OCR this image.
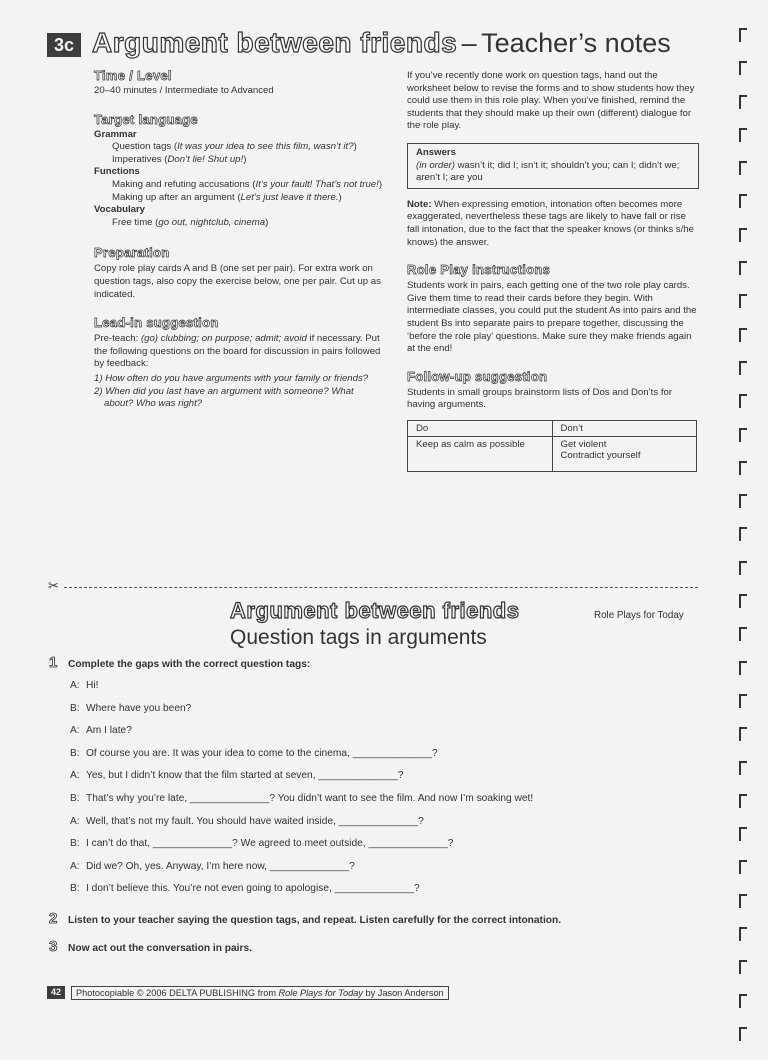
3c Argument between friends – Teacher’s notes
Time / Level
20–40 minutes / Intermediate to Advanced
Target language

Grammar

Question tags (It was your idea to see this film, wasn’t it?)

Imperatives (Don’t lie! Shut up!)

Functions

Making and refuting accusations (It’s your fault! That’s not true!)

Making up after an argument (Let’s just leave it there.)

Vocabulary

Free time (go out, nightclub, cinema)

Preparation
Copy role play cards A and B (one set per pair). For extra work on question tags, also copy the exercise below, one per pair. Cut up as indicated.
Lead-in suggestion
Pre-teach: (go) clubbing; on purpose; admit; avoid if necessary. Put the following questions on the board for discussion in pairs followed by feedback:
1) How often do you have arguments with your family or friends?
2) When did you last have an argument with someone? What about? Who was right?
If you’ve recently done work on question tags, hand out the worksheet below to revise the forms and to show students how they could use them in this role play. When you’ve finished, remind the students that they should make up their own (different) dialogue for the role play.
Answers
(in order) wasn’t it; did I; isn’t it; shouldn’t you; can I; didn’t we; aren’t I; are you
Note: When expressing emotion, intonation often becomes more exaggerated, nevertheless these tags are likely to have fall or rise fall intonation, due to the fact that the speaker knows (or thinks s/he knows) the answer.
Role Play instructions
Students work in pairs, each getting one of the two role play cards. Give them time to read their cards before they begin. With intermediate classes, you could put the student As into pairs and the student Bs into separate pairs to prepare together, discussing the ‘before the role play’ questions. Make sure they make friends again at the end!
Follow-up suggestion
Students in small groups brainstorm lists of Dos and Don’ts for having arguments.
Do	Don’t
Keep as calm as possible	Get violent
Contradict yourself
✂
Argument between friends
Question tags in arguments
Role Plays for Today
1 Complete the gaps with the correct question tags:
A: Hi!
B: Where have you been?
A: Am I late?
B: Of course you are. It was your idea to come to the cinema, ______________?
A: Yes, but I didn’t know that the film started at seven, ______________?
B: That’s why you’re late, ______________? You didn’t want to see the film. And now I’m soaking wet!
A: Well, that’s not my fault. You should have waited inside, ______________?
B: I can’t do that, ______________? We agreed to meet outside, ______________?
A: Did we? Oh, yes. Anyway, I’m here now, ______________?
B: I don’t believe this. You’re not even going to apologise, ______________?
2 Listen to your teacher saying the question tags, and repeat. Listen carefully for the correct intonation.
3 Now act out the conversation in pairs.
42	Photocopiable © 2006 DELTA PUBLISHING from Role Plays for Today by Jason Anderson
